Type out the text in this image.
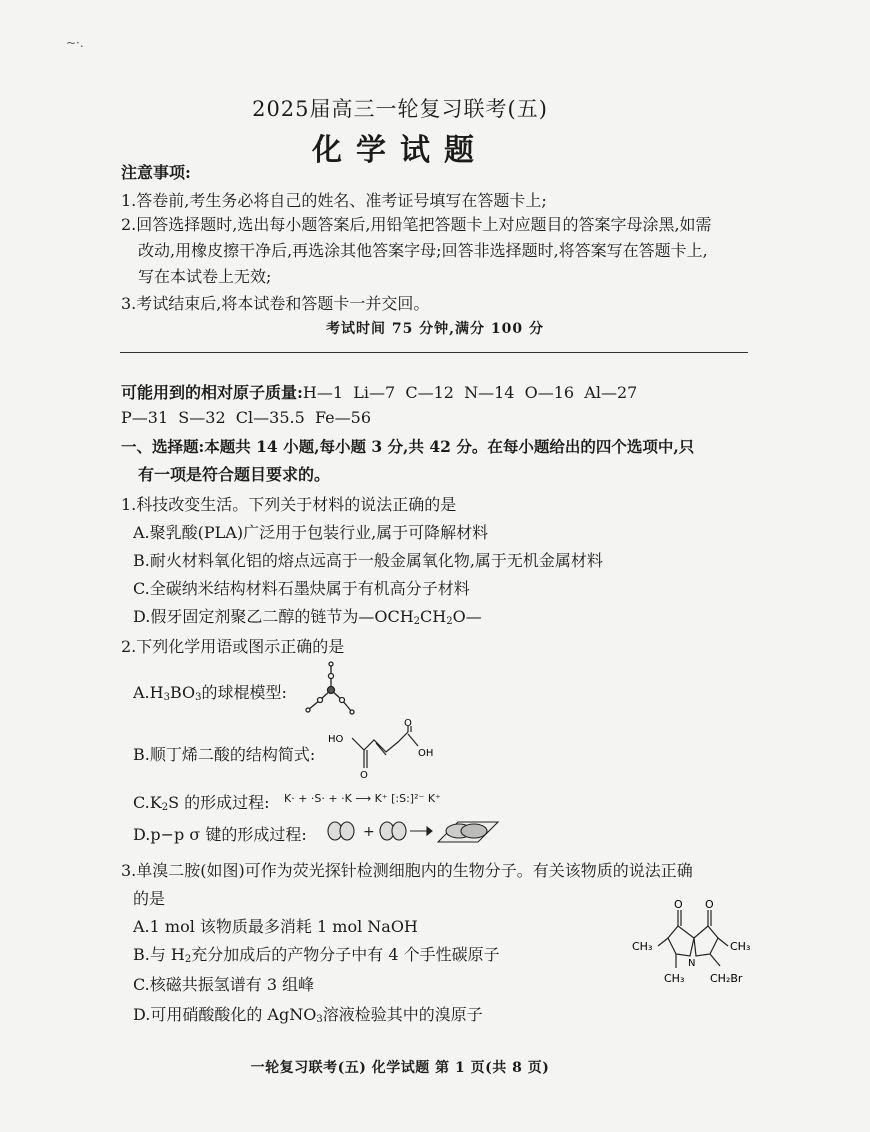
~·.
2025届高三一轮复习联考(五)
化学试题
注意事项:
1.答卷前,考生务必将自己的姓名、准考证号填写在答题卡上;
2.回答选择题时,选出每小题答案后,用铅笔把答题卡上对应题目的答案字母涂黑,如需
改动,用橡皮擦干净后,再选涂其他答案字母;回答非选择题时,将答案写在答题卡上,
写在本试卷上无效;
3.考试结束后,将本试卷和答题卡一并交回。
考试时间 75 分钟,满分 100 分
可能用到的相对原子质量:H—1  Li—7  C—12  N—14  O—16  Al—27
P—31  S—32  Cl—35.5  Fe—56
一、选择题:本题共 14 小题,每小题 3 分,共 42 分。在每小题给出的四个选项中,只
有一项是符合题目要求的。
1.科技改变生活。下列关于材料的说法正确的是
A.聚乳酸(PLA)广泛用于包装行业,属于可降解材料
B.耐火材料氧化铝的熔点远高于一般金属氧化物,属于无机金属材料
C.全碳纳米结构材料石墨炔属于有机高分子材料
D.假牙固定剂聚乙二醇的链节为$—OCH_2CH_2O—$
2.下列化学用语或图示正确的是
$A.H_3BO_3$的球棍模型:
B.顺丁烯二酸的结构简式:
HO
O
O
OH
$C.K_2S$ 的形成过程: K· + ·S· + ·K ⟶ K⁺ [:S:]²⁻ K⁺
D.p−p σ 键的形成过程:	+
3.单溴二胺(如图)可作为荧光探针检测细胞内的生物分子。有关该物质的说法正确
的是
A.1 mol 该物质最多消耗 1 mol NaOH
B.与 $H_2$充分加成后的产物分子中有 4 个手性碳原子
C.核磁共振氢谱有 3 组峰
D.可用硝酸酸化的 AgNO$_3$溶液检验其中的溴原子
O O
CH₃	CH₃
N
CH₃ CH₂Br
一轮复习联考(五) 化学试题 第 1 页(共 8 页)
